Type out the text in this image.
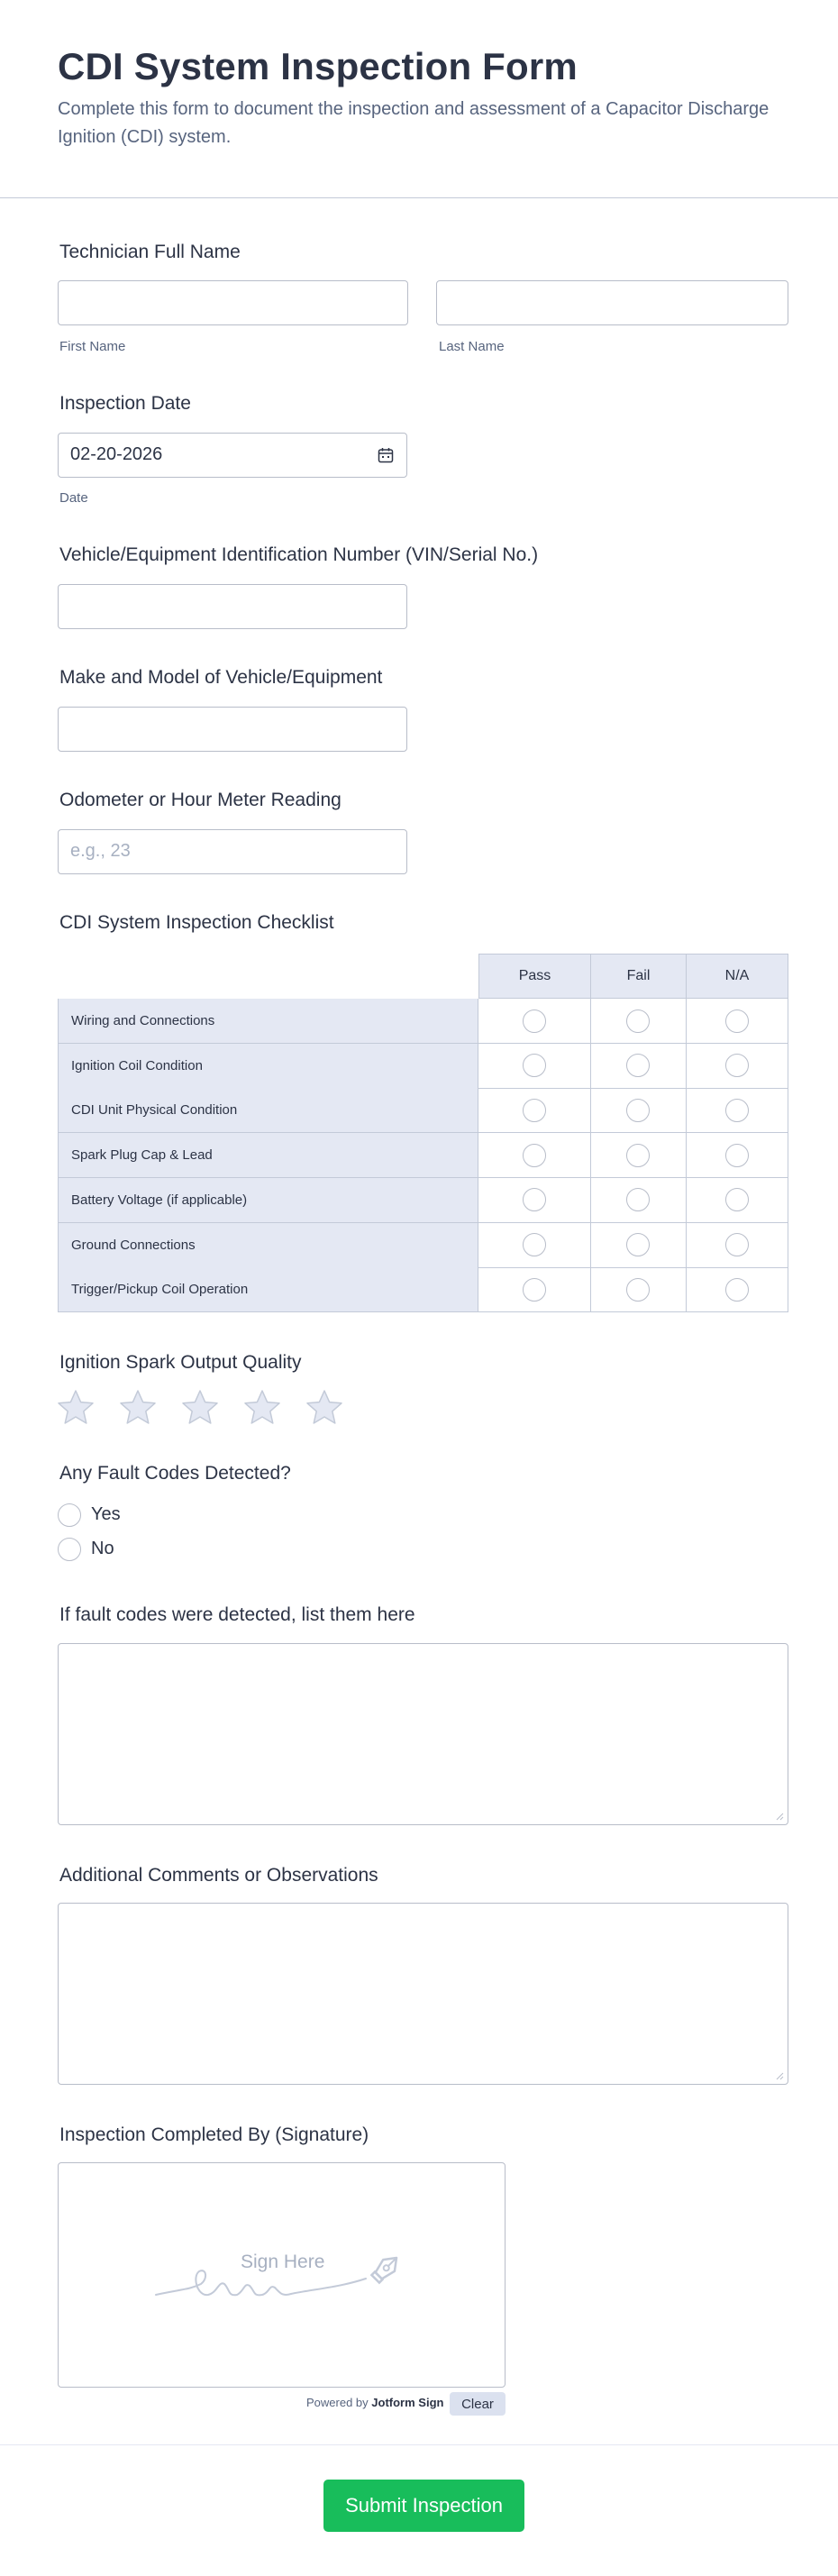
CDI System Inspection Form

Complete this form to document the inspection and assessment of a Capacitor Discharge Ignition (CDI) system.

Technician Full Name
First Name	Last Name
Inspection Date
02-20-2026
Date
Vehicle/Equipment Identification Number (VIN/Serial No.)
Make and Model of Vehicle/Equipment
Odometer or Hour Meter Reading
e.g., 23
CDI System Inspection Checklist
Pass	Fail	N/A
Wiring and Connections
Ignition Coil Condition
CDI Unit Physical Condition
Spark Plug Cap & Lead
Battery Voltage (if applicable)
Ground Connections
Trigger/Pickup Coil Operation
Ignition Spark Output Quality
Any Fault Codes Detected?
Yes
No
If fault codes were detected, list them here
Additional Comments or Observations
Inspection Completed By (Signature)
Sign Here
Powered by Jotform Sign	Clear
Submit Inspection
